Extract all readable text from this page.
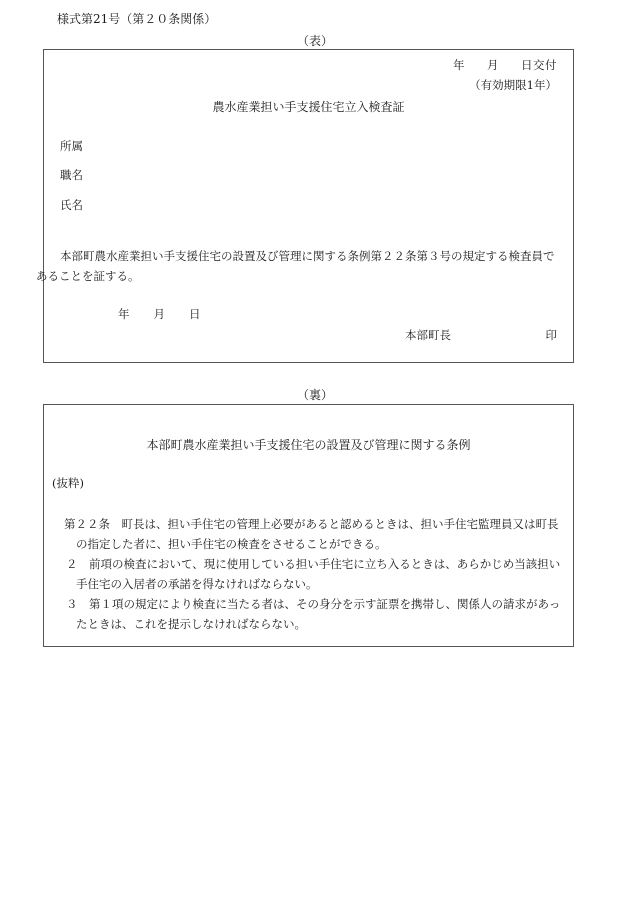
様式第21号（第２０条関係）
（表）
年 月 日交付
（有効期限1年）
農水産業担い手支援住宅立入検査証
所属
職名
氏名
本部町農水産業担い手支援住宅の設置及び管理に関する条例第２２条第３号の規定する検査員で
あることを証する。
年 月 日
本部町長	印
（裏）
本部町農水産業担い手支援住宅の設置及び管理に関する条例
(抜粋)
第２２条　町長は、担い手住宅の管理上必要があると認めるときは、担い手住宅監理員又は町長
の指定した者に、担い手住宅の検査をさせることができる。
２　前項の検査において、現に使用している担い手住宅に立ち入るときは、あらかじめ当該担い
手住宅の入居者の承諾を得なければならない。
３　第１項の規定により検査に当たる者は、その身分を示す証票を携帯し、関係人の請求があっ
たときは、これを提示しなければならない。
